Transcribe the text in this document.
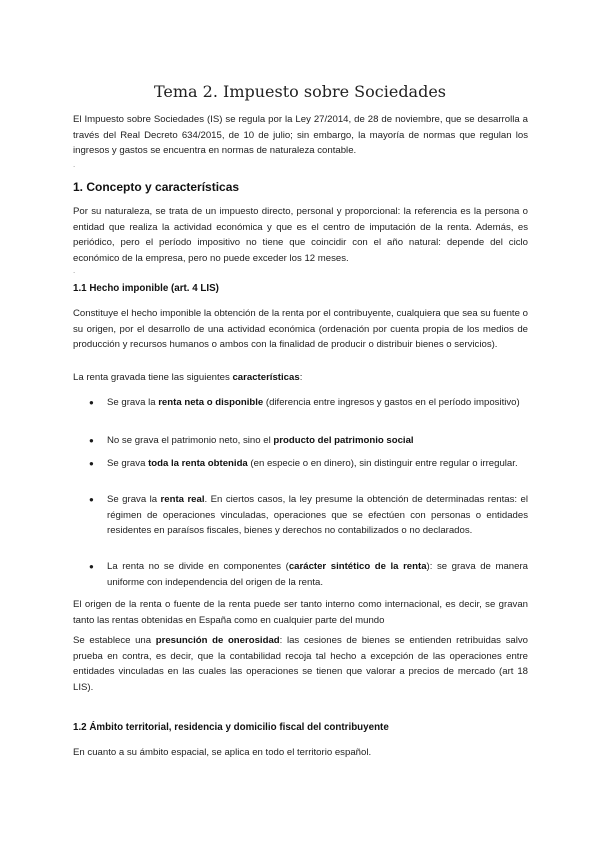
Tema 2. Impuesto sobre Sociedades
El Impuesto sobre Sociedades (IS) se regula por la Ley 27/2014, de 28 de noviembre, que se desarrolla a través del Real Decreto 634/2015, de 10 de julio; sin embargo, la mayoría de normas que regulan los ingresos y gastos se encuentra en normas de naturaleza contable.
.
1. Concepto y características
Por su naturaleza, se trata de un impuesto directo, personal y proporcional: la referencia es la persona o entidad que realiza la actividad económica y que es el centro de imputación de la renta. Además, es periódico, pero el período impositivo no tiene que coincidir con el año natural: depende del ciclo económico de la empresa, pero no puede exceder los 12 meses.
.
1.1 Hecho imponible (art. 4 LIS)
Constituye el hecho imponible la obtención de la renta por el contribuyente, cualquiera que sea su fuente o su origen, por el desarrollo de una actividad económica (ordenación por cuenta propia de los medios de producción y recursos humanos o ambos con la finalidad de producir o distribuir bienes o servicios).
La renta gravada tiene las siguientes características:
● Se grava la renta neta o disponible (diferencia entre ingresos y gastos en el período impositivo)
● No se grava el patrimonio neto, sino el producto del patrimonio social
● Se grava toda la renta obtenida (en especie o en dinero), sin distinguir entre regular o irregular.
● Se grava la renta real. En ciertos casos, la ley presume la obtención de determinadas rentas: el régimen de operaciones vinculadas, operaciones que se efectúen con personas o entidades residentes en paraísos fiscales, bienes y derechos no contabilizados o no declarados.
● La renta no se divide en componentes (carácter sintético de la renta): se grava de manera uniforme con independencia del origen de la renta.
El origen de la renta o fuente de la renta puede ser tanto interno como internacional, es decir, se gravan tanto las rentas obtenidas en España como en cualquier parte del mundo
Se establece una presunción de onerosidad: las cesiones de bienes se entienden retribuidas salvo prueba en contra, es decir, que la contabilidad recoja tal hecho a excepción de las operaciones entre entidades vinculadas en las cuales las operaciones se tienen que valorar a precios de mercado (art 18 LIS).
1.2 Ámbito territorial, residencia y domicilio fiscal del contribuyente
En cuanto a su ámbito espacial, se aplica en todo el territorio español.
